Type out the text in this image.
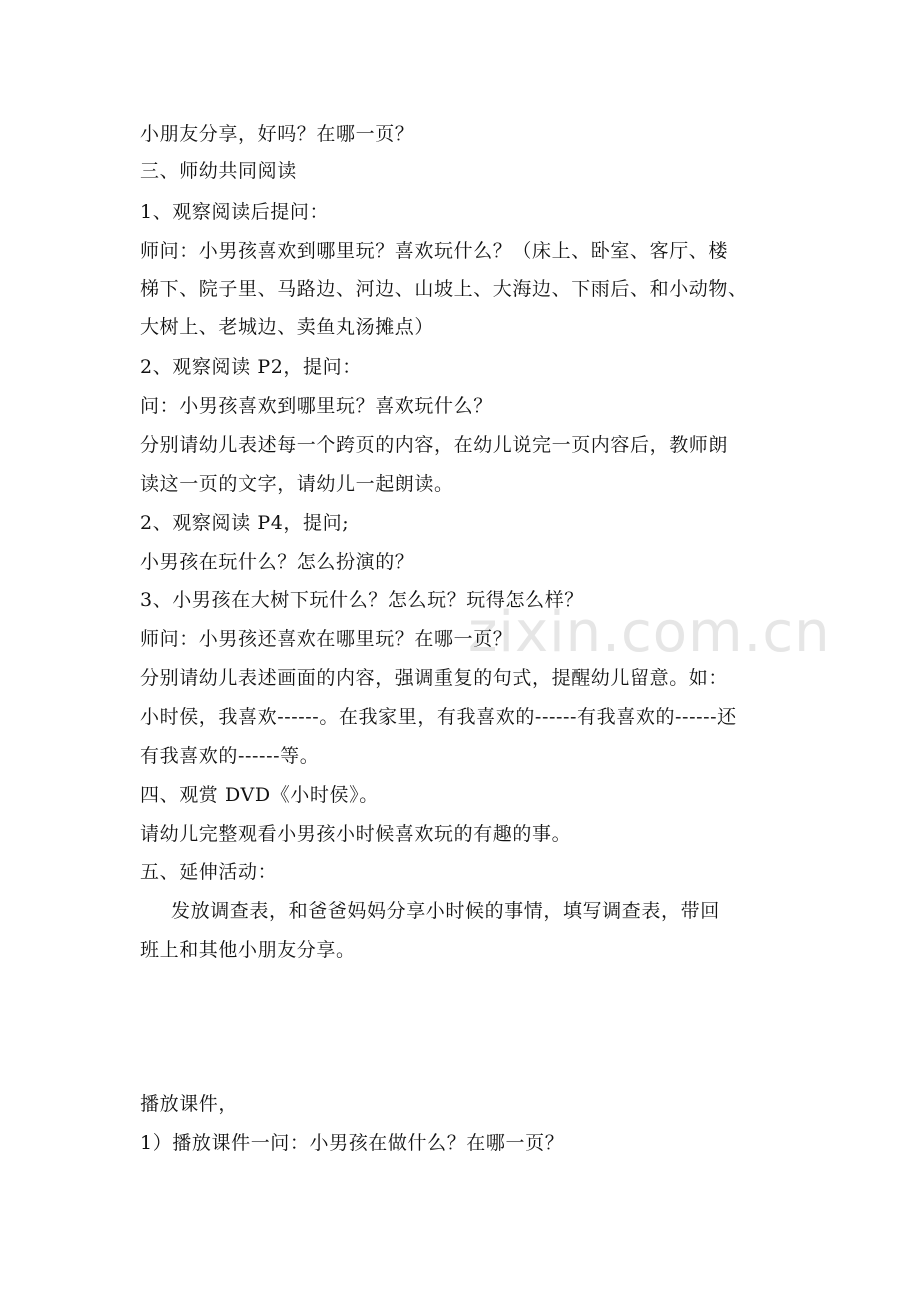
zixin.com.cn
小朋友分享，好吗？在哪一页？
三、师幼共同阅读
1、观察阅读后提问：
师问：小男孩喜欢到哪里玩？喜欢玩什么？（床上、卧室、客厅、楼
梯下、院子里、马路边、河边、山坡上、大海边、下雨后、和小动物、
大树上、老城边、卖鱼丸汤摊点）
2、观察阅读 P2，提问：
问：小男孩喜欢到哪里玩？喜欢玩什么？
分别请幼儿表述每一个跨页的内容，在幼儿说完一页内容后，教师朗
读这一页的文字，请幼儿一起朗读。
2、观察阅读 P4，提问;
小男孩在玩什么？怎么扮演的？
3、小男孩在大树下玩什么？怎么玩？玩得怎么样？
师问：小男孩还喜欢在哪里玩？在哪一页？
分别请幼儿表述画面的内容，强调重复的句式，提醒幼儿留意。如：
小时侯，我喜欢------。在我家里，有我喜欢的------有我喜欢的------还
有我喜欢的------等。
四、观赏 DVD《小时侯》。
请幼儿完整观看小男孩小时候喜欢玩的有趣的事。
五、延伸活动：
发放调查表，和爸爸妈妈分享小时候的事情，填写调查表，带回
班上和其他小朋友分享。
播放课件，
1）播放课件一问：小男孩在做什么？在哪一页？
